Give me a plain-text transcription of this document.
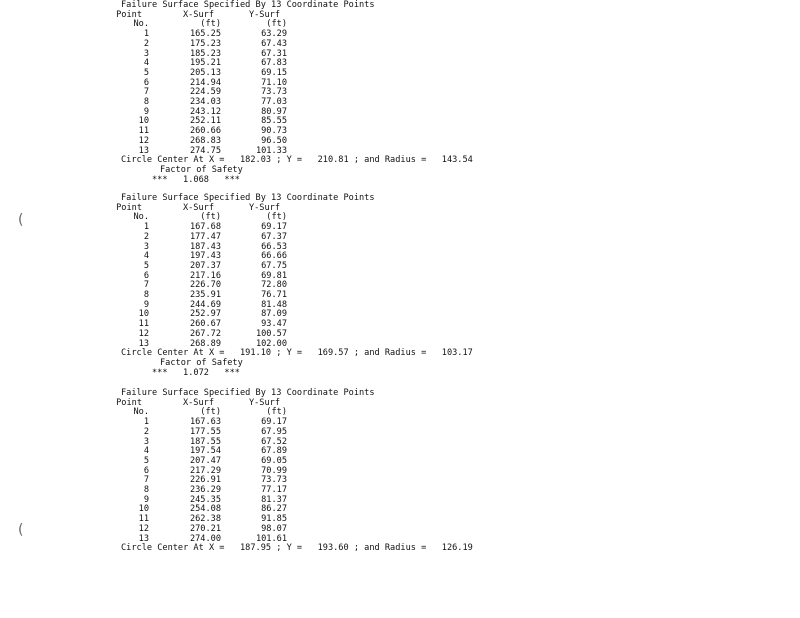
(
(
Failure Surface Specified By 13 Coordinate Points
Point	X-Surf	Y-Surf
No.	(ft)	(ft)
1	165.25	63.29
2	175.23	67.43
3	185.23	67.31
4	195.21	67.83
5	205.13	69.15
6	214.94	71.10
7	224.59	73.73
8	234.03	77.03
9	243.12	80.97
10	252.11	85.55
11	260.66	90.73
12	268.83	96.50
13	274.75	101.33
Circle Center At X =   182.03 ; Y =   210.81 ; and Radius =   143.54
Factor of Safety
***   1.068   ***
Failure Surface Specified By 13 Coordinate Points
Point	X-Surf	Y-Surf
No.	(ft)	(ft)
1	167.68	69.17
2	177.47	67.37
3	187.43	66.53
4	197.43	66.66
5	207.37	67.75
6	217.16	69.81
7	226.70	72.80
8	235.91	76.71
9	244.69	81.48
10	252.97	87.09
11	260.67	93.47
12	267.72	100.57
13	268.89	102.00
Circle Center At X =   191.10 ; Y =   169.57 ; and Radius =   103.17
Factor of Safety
***   1.072   ***
Failure Surface Specified By 13 Coordinate Points
Point	X-Surf	Y-Surf
No.	(ft)	(ft)
1	167.63	69.17
2	177.55	67.95
3	187.55	67.52
4	197.54	67.89
5	207.47	69.05
6	217.29	70.99
7	226.91	73.73
8	236.29	77.17
9	245.35	81.37
10	254.08	86.27
11	262.38	91.85
12	270.21	98.07
13	274.00	101.61
Circle Center At X =   187.95 ; Y =   193.60 ; and Radius =   126.19
